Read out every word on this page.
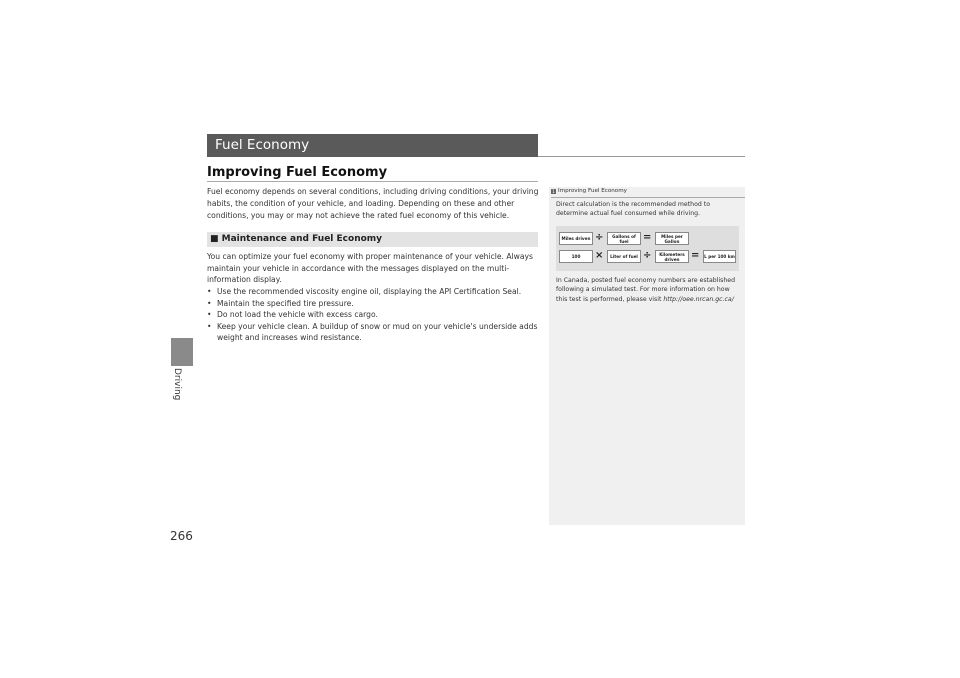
Driving
266
Fuel Economy
Improving Fuel Economy

Fuel economy depends on several conditions, including driving conditions, your driving habits, the condition of your vehicle, and loading. Depending on these and other conditions, you may or may not achieve the rated fuel economy of this vehicle.

■ Maintenance and Fuel Economy

You can optimize your fuel economy with proper maintenance of your vehicle. Always maintain your vehicle in accordance with the messages displayed on the multi-information display.

• Use the recommended viscosity engine oil, displaying the API Certification Seal.
• Maintain the specified tire pressure.
• Do not load the vehicle with excess cargo.
• Keep your vehicle clean. A buildup of snow or mud on your vehicle's underside adds weight and increases wind resistance.
1 Improving Fuel Economy

Direct calculation is the recommended method to determine actual fuel consumed while driving.

Miles driven ÷	Gallons of fuel	=	Miles per Gallon
100	×	Liter of fuel ÷	Kilometers driven	= L per 100 km

In Canada, posted fuel economy numbers are established following a simulated test. For more information on how this test is performed, please visit http://oee.nrcan.gc.ca/
